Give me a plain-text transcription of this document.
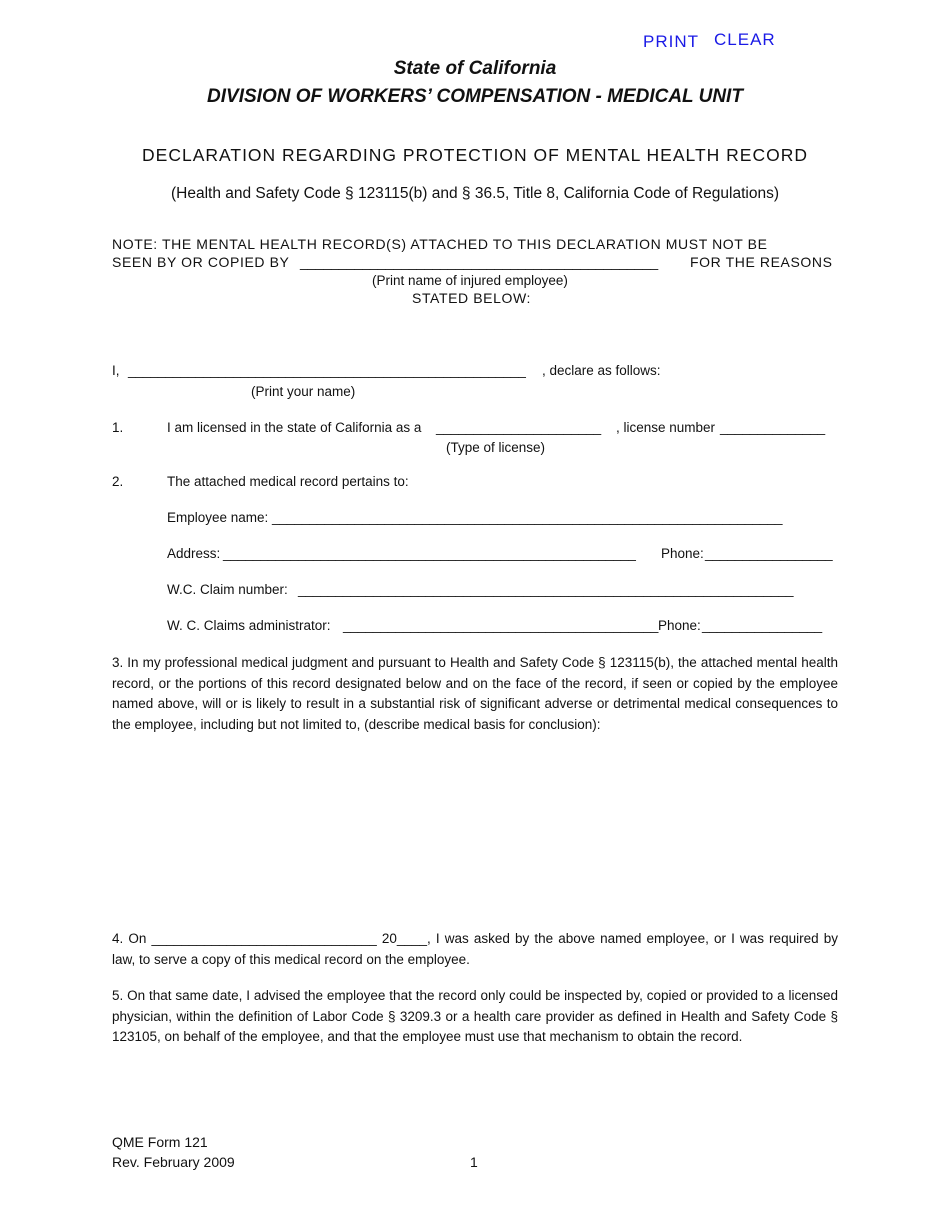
PRINT CLEAR
State of California
DIVISION OF WORKERS’ COMPENSATION - MEDICAL UNIT
DECLARATION REGARDING PROTECTION OF MENTAL HEALTH RECORD
(Health and Safety Code § 123115(b) and § 36.5, Title 8, California Code of Regulations)
NOTE: THE MENTAL HEALTH RECORD(S) ATTACHED TO THIS DECLARATION MUST NOT BE
SEEN BY OR COPIED BY ______________________________________________ FOR THE REASONS
(Print name of injured employee)
STATED BELOW:
I, _____________________________________________________ , declare as follows:
(Print your name)
1.	I am licensed in the state of California as a ______________________ , license number ______________
(Type of license)
2.	The attached medical record pertains to:
Employee name: ____________________________________________________________________
Address: _______________________________________________________ Phone: _________________
W.C. Claim number: __________________________________________________________________
W. C. Claims administrator: __________________________________________ Phone: ________________
3. In my professional medical judgment and pursuant to Health and Safety Code § 123115(b), the attached mental health record, or the portions of this record designated below and on the face of the record, if seen or copied by the employee named above, will or is likely to result in a substantial risk of significant adverse or detrimental medical consequences to the employee, including but not limited to, (describe medical basis for conclusion):
4. On ______________________________ 20____, I was asked by the above named employee, or I was required by law, to serve a copy of this medical record on the employee.
5. On that same date, I advised the employee that the record only could be inspected by, copied or provided to a licensed physician, within the definition of Labor Code § 3209.3 or a health care provider as defined in Health and Safety Code § 123105, on behalf of the employee, and that the employee must use that mechanism to obtain the record.
QME Form 121
Rev. February 2009	1
